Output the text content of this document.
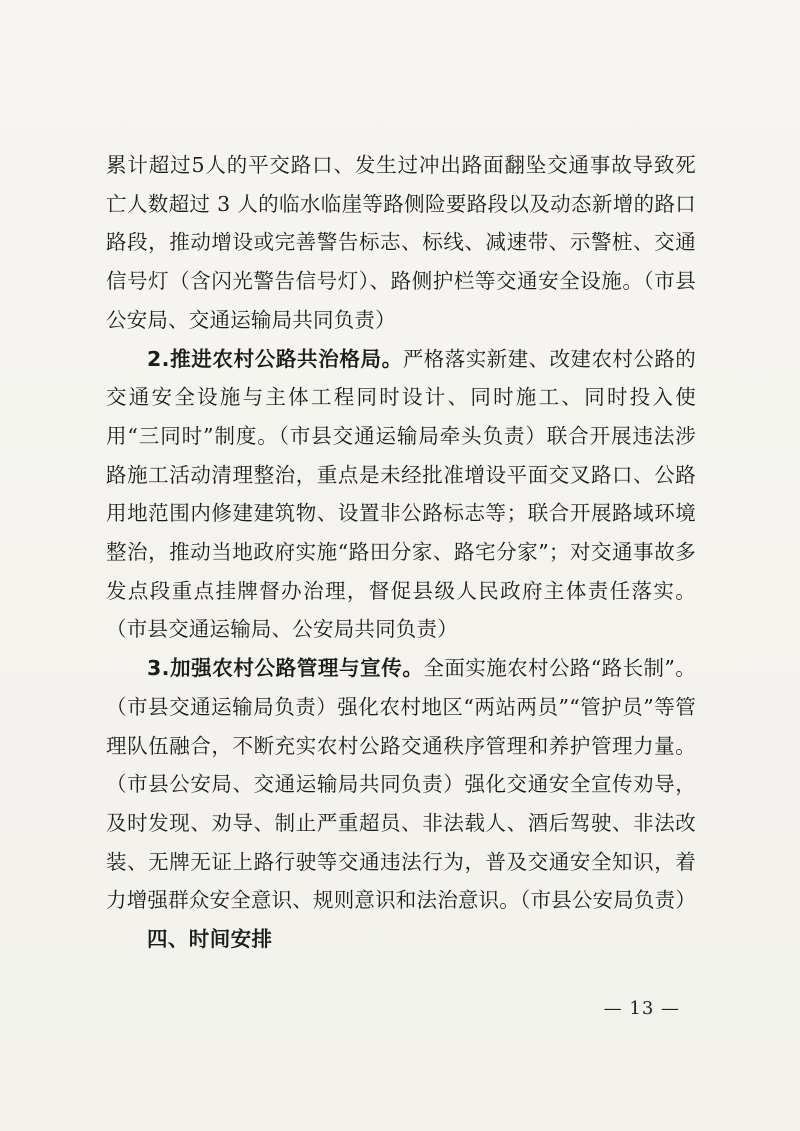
累计超过5人的平交路口、发生过冲出路面翻坠交通事故导致死亡人数超过 3 人的临水临崖等路侧险要路段以及动态新增的路口路段，推动增设或完善警告标志、标线、减速带、示警桩、交通信号灯（含闪光警告信号灯）、路侧护栏等交通安全设施。（市县公安局、交通运输局共同负责）

2.推进农村公路共治格局。严格落实新建、改建农村公路的交通安全设施与主体工程同时设计、同时施工、同时投入使用“三同时”制度。（市县交通运输局牵头负责）联合开展违法涉路施工活动清理整治，重点是未经批准增设平面交叉路口、公路用地范围内修建建筑物、设置非公路标志等；联合开展路域环境整治，推动当地政府实施“路田分家、路宅分家”；对交通事故多发点段重点挂牌督办治理，督促县级人民政府主体责任落实。（市县交通运输局、公安局共同负责）

3.加强农村公路管理与宣传。全面实施农村公路“路长制”。（市县交通运输局负责）强化农村地区“两站两员”“管护员”等管理队伍融合，不断充实农村公路交通秩序管理和养护管理力量。（市县公安局、交通运输局共同负责）强化交通安全宣传劝导，及时发现、劝导、制止严重超员、非法载人、酒后驾驶、非法改装、无牌无证上路行驶等交通违法行为，普及交通安全知识，着力增强群众安全意识、规则意识和法治意识。（市县公安局负责）

四、时间安排

— 13 —
